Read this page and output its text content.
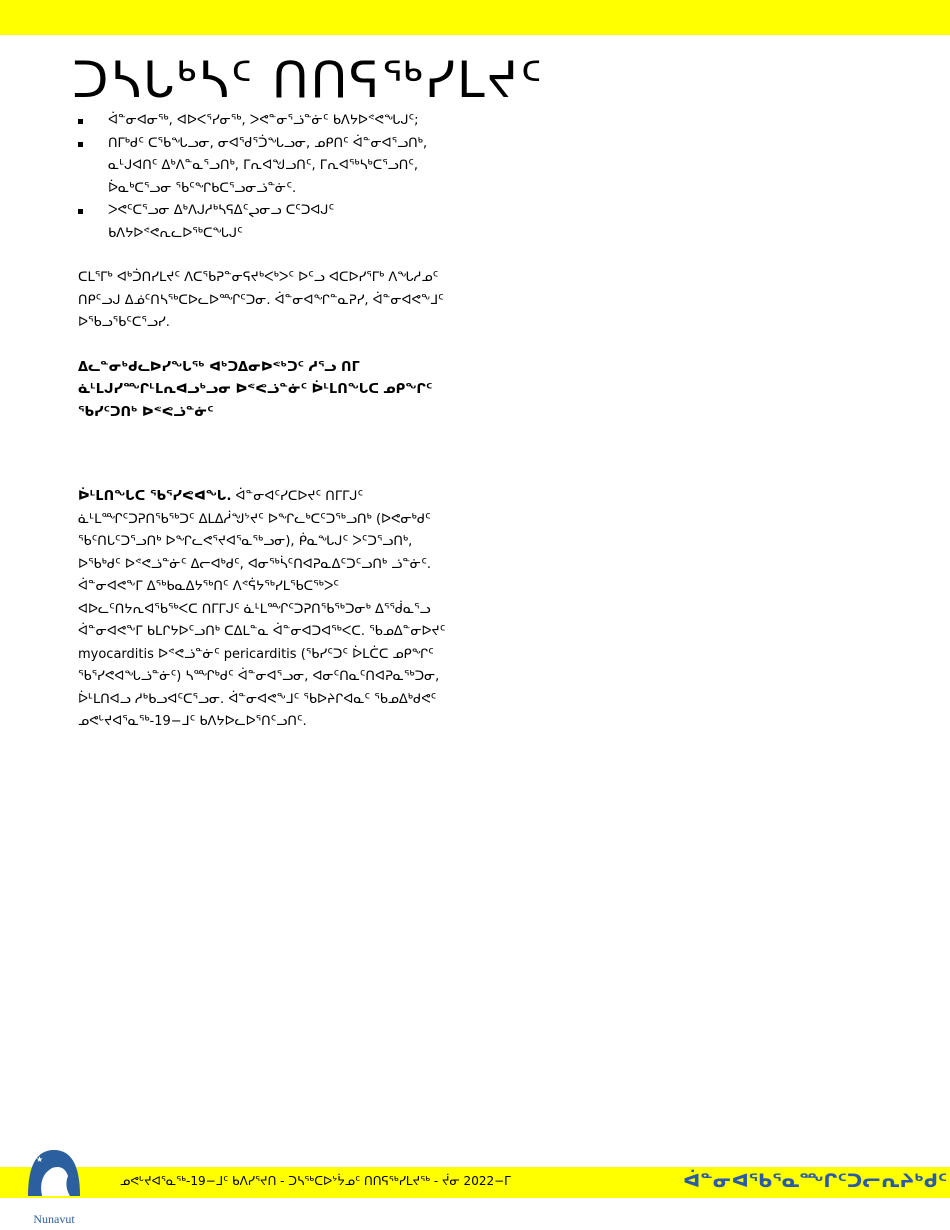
ᑐᓴᒐᒃᓴᑦ ᑎᑎᕋᖅᓯᒪᔪᑦ
ᐋᓐᓂᐊᓂᖅ, ᐊᐅᐸᕐᓯᓂᖅ, ᐳᕙᓐᓂᕐᓘᓐᓃᑦ ᑲᐱᔭᐅᕝᕙᖓᒍᑦ;
ᑎᒥᒃᑯᑦ ᑕᖃᖓᓗᓂ, ᓂᐊᖁᕐᑑᖓᓗᓂ, ᓄᑭᑎᑦ ᐋᓐᓂᐊᕐᓗᑎᒃ, ᓇᒻᒍᐊᑎᑦ ᐃᒃᐱᓐᓇᕐᓗᑎᒃ, ᒥᕆᐊᖑᓗᑎᑦ, ᒥᕆᐊᖅᓴᒃᑕᕐᓗᑎᑦ, ᐆᓇᒃᑕᕐᓗᓂ ᖃᑦᖏᑲᑕᕐᓗᓂᓘᓐᓃᑦ.
ᐳᕙᑦᑕᕐᓗᓂ ᐃᒃᐱᒍᓱᒃᓴᕋᐃᑦᖢᓂᓗ ᑕᑦᑐᐊᒍᑦ ᑲᐱᔭᐅᕝᕙᕆᓚᐅᖅᑕᖓᒍᑦ

ᑕᒪᕐᒥᒃ ᐊᒃᑑᑎᓯᒪᔪᑦ ᐱᑕᖃᕈᓐᓂᕋᔪᒃᐸᒃᐳᑦ ᐅᑦᓗ ᐊᑕᐅᓯᕐᒥᒃ ᐱᖓᓱᓄᑦ ᑎᑭᑦᓗᒍ ᐃᓅᑦᑎᓴᖅᑕᐅᓚᐅᙱᑦᑐᓂ. ᐋᓐᓂᐊᖏᓐᓇᕈᓯ, ᐋᓐᓂᐊᕙᖕᒧᑦ ᐅᖃᓗᖃᑦᑕᕐᓗᓯ.

ᐃᓚᓐᓂᒃᑯᓚᐅᓯᖓᖅ ᐊᒃᑐᐃᓂᐅᕝᒃᑐᑦ ᓱᕐᓗ ᑎᒥ ᓈᒻᒪᒍᓯᙱᒻᒪᕆᐊᓗᒃᓗᓂ ᐅᕝᕙᓘᓐᓃᑦ ᐆᒻᒪᑎᖓᑕ ᓄᑭᖏᑦ ᖃᓯᑦᑐᑎᒃ ᐅᕝᕙᓘᓐᓃᑦ

ᐆᒻᒪᑎᖓᑕ ᖃᕐᓯᕙᐊᖓ. ᐋᓐᓂᐊᑦᓯᑕᐅᔪᑦ ᑎᒥᒥᒍᑦ ᓈᒻᒪᙱᑦᑐᕈᑎᖃᖅᑐᑦ ᐃᒪᐃᓲᖑᔾᔪᑦ ᐅᖏᓚᒃᑕᑦᑐᖅᓗᑎᒃ (ᐅᕙᓂᒃᑯᑦ ᖃᑦᑎᒐᑦᑐᕐᓗᑎᒃ ᐅᖏᓚᕙᕐᔪᐊᕐᓇᖅᓗᓂ), ᑮᓇᖓᒍᑦ ᐳᑦᑐᕐᓗᑎᒃ, ᐅᖃᒃᑯᑦ ᐅᕝᕙᓘᓐᓃᑦ ᐃᓕᐊᒃᑯᑦ, ᐊᓂᖅᓵᑦᑎᐊᕈᓇᐃᑦᑐᑦᓗᑎᒃ ᓘᓐᓃᑦ. ᐋᓐᓂᐊᕙᖕᒥ ᐃᖅᑲᓇᐃᔭᖅᑎᑦ ᐱᕝᕌᔭᖅᓯᒪᖃᑕᖅᐳᑦ ᐊᐅᓚᑦᑎᔭᕆᐊᖃᖅᐸᑕ ᑎᒥᒥᒍᑦ ᓈᒻᒪᙱᑦᑐᕈᑎᖃᖅᑐᓂᒃ ᐃᕐᖂᓇᕐᓗ ᐋᓐᓂᐊᕙᖕᒥ ᑲᒪᒋᔭᐅᑦᓗᑎᒃ ᑕᐃᒪᓐᓇ ᐋᓐᓂᐊᑐᐊᖅᐸᑕ. ᖃᓄᐃᓐᓂᐅᔪᑦ myocarditis ᐅᕝᕙᓘᓐᓃᑦ pericarditis (ᖃᓯᑦᑐᑦ ᐆᒪᑖᑕ ᓄᑭᖏᑦ ᖃᕐᓯᕙᐊᖓᓘᓐᓃᑦ) ᓴᙱᒃᑯᑦ ᐋᓐᓂᐊᕐᓗᓂ, ᐊᓂᑦᑎᓇᑦᑎᐊᕈᓇᖅᑐᓂ, ᐆᒻᒪᑎᐊᓗ ᓱᒃᑲᓗᐊᑦᑕᕐᓗᓂ. ᐋᓐᓂᐊᕙᖕᒧᑦ ᖃᐅᔨᒋᐊᓇᑦ ᖃᓄᐃᒃᑯᕙᑦ ᓄᕙᒡᔪᐊᕐᓇᖅ-19−ᒧᑦ ᑲᐱᔭᐅᓚᐅᕐᑎᑦᓗᑎᑦ.

★
Nunavut
ᓄᕙᒡᔪᐊᕐᓇᖅ-19−ᒧᑦ ᑲᐱᓯᕐᔪᑎ - ᑐᓴᖅᑕᐅᔾᔮᓄᑦ ᑎᑎᕋᖅᓯᒪᔪᖅ - ᔫᓂ 2022−ᒥ	ᐋᓐᓂᐊᖃᕐᓇᙱᑦᑐᓕᕆᔨᒃᑯᑦ
